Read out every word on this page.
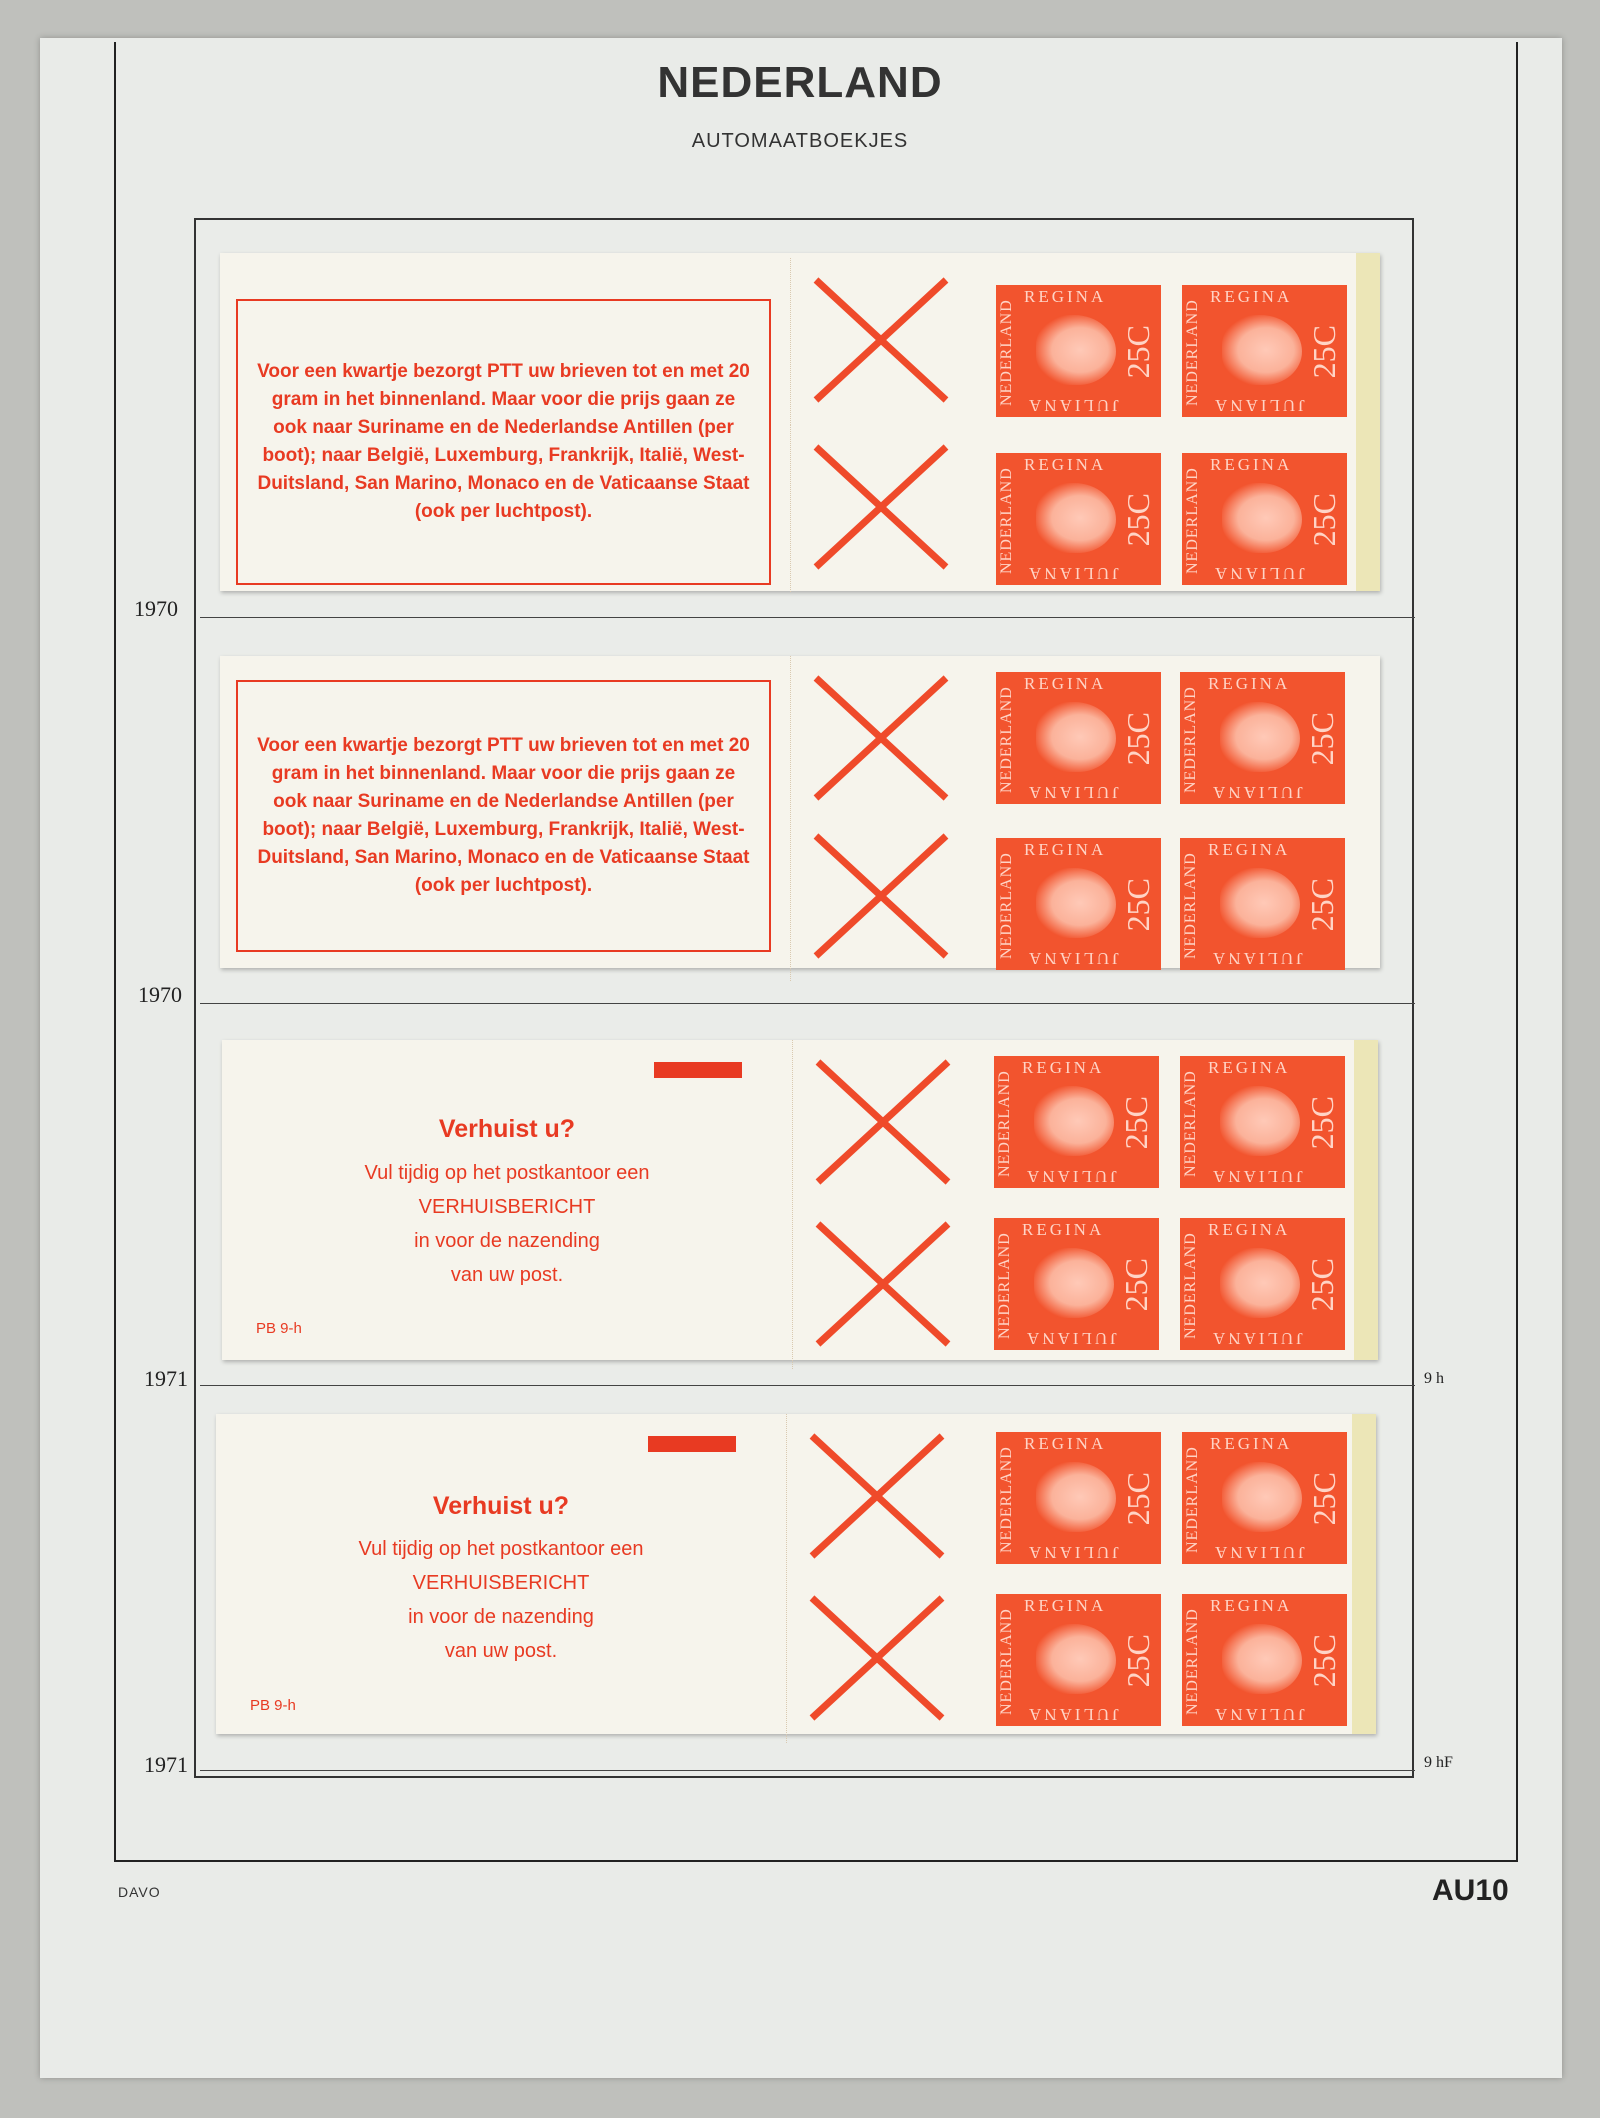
NEDERLAND
AUTOMAATBOEKJES
1970
1970
1971
1971
9 h
9 hF

Voor een kwartje bezorgt PTT uw brieven tot en met 20 gram in het binnenland. Maar voor die prijs gaan ze ook naar Suriname en de Nederlandse Antillen (per boot); naar België, Luxemburg, Frankrijk, Italië, West-Duitsland, San Marino, Monaco en de Vaticaanse Staat (ook per luchtpost).

REGINA
NEDERLAND	25C
JULIANA
REGINA
NEDERLAND	25C
JULIANA
REGINA
NEDERLAND	25C
JULIANA
REGINA
NEDERLAND	25C
JULIANA

Voor een kwartje bezorgt PTT uw brieven tot en met 20 gram in het binnenland. Maar voor die prijs gaan ze ook naar Suriname en de Nederlandse Antillen (per boot); naar België, Luxemburg, Frankrijk, Italië, West-Duitsland, San Marino, Monaco en de Vaticaanse Staat (ook per luchtpost).

REGINA
NEDERLAND	25C
JULIANA
REGINA
NEDERLAND	25C
JULIANA
REGINA
NEDERLAND	25C
JULIANA
REGINA
NEDERLAND	25C
JULIANA
Verhuist u?
Vul tijdig op het postkantoor een
VERHUISBERICHT
in voor de nazending
van uw post.
PB 9-h
REGINA
NEDERLAND	25C
JULIANA
REGINA
NEDERLAND	25C
JULIANA
REGINA
NEDERLAND	25C
JULIANA
REGINA
NEDERLAND	25C
JULIANA
Verhuist u?
Vul tijdig op het postkantoor een
VERHUISBERICHT
in voor de nazending
van uw post.
PB 9-h
REGINA
NEDERLAND	25C
JULIANA
REGINA
NEDERLAND	25C
JULIANA
REGINA
NEDERLAND	25C
JULIANA
REGINA
NEDERLAND	25C
JULIANA
DAVO	AU10
